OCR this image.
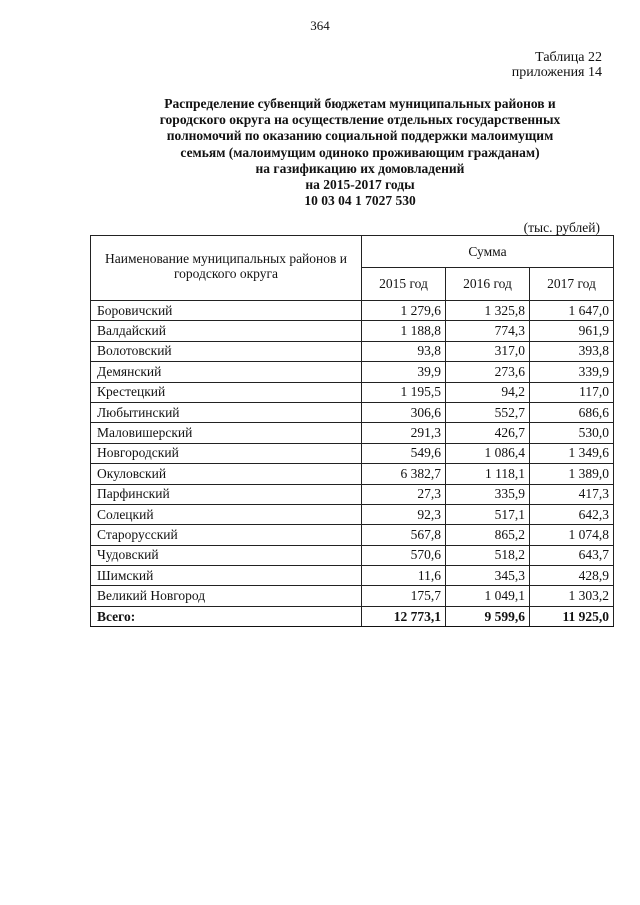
364
Таблица 22
приложения 14
Распределение субвенций бюджетам муниципальных районов и
городского округа на осуществление отдельных государственных
полномочий по оказанию социальной поддержки малоимущим
семьям (малоимущим одиноко проживающим гражданам)
на газификацию их домовладений
на 2015-2017 годы
10 03 04 1 7027 530
(тыс. рублей)
Наименование муниципальных районов и городского округа	Сумма		
	2015 год	2016 год	2017 год
Боровичский	1 279,6	1 325,8	1 647,0
Валдайский	1 188,8	774,3	961,9
Волотовский	93,8	317,0	393,8
Демянский	39,9	273,6	339,9
Крестецкий	1 195,5	94,2	117,0
Любытинский	306,6	552,7	686,6
Маловишерский	291,3	426,7	530,0
Новгородский	549,6	1 086,4	1 349,6
Окуловский	6 382,7	1 118,1	1 389,0
Парфинский	27,3	335,9	417,3
Солецкий	92,3	517,1	642,3
Старорусский	567,8	865,2	1 074,8
Чудовский	570,6	518,2	643,7
Шимский	11,6	345,3	428,9
Великий Новгород	175,7	1 049,1	1 303,2
Всего:	12 773,1	9 599,6	11 925,0
